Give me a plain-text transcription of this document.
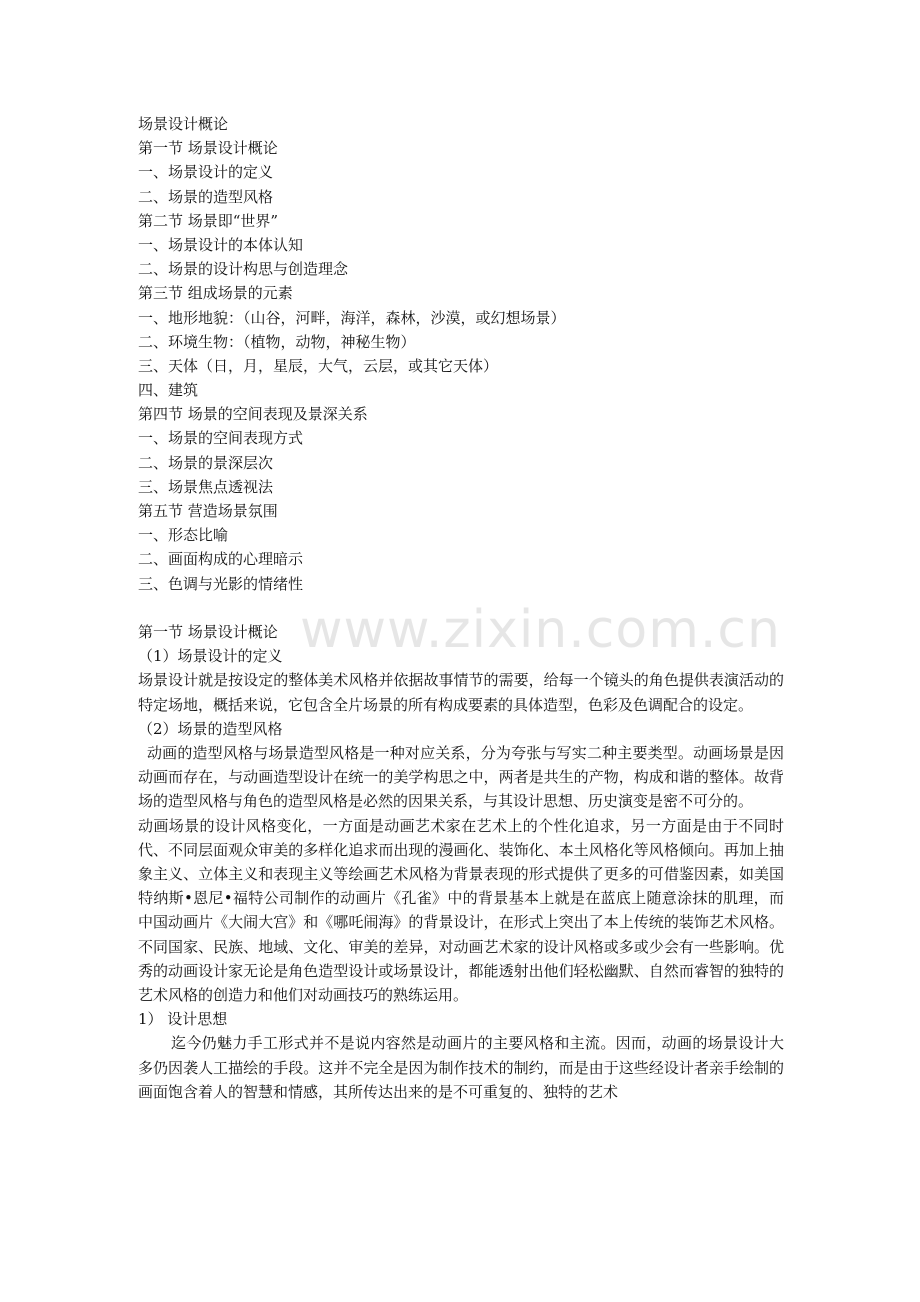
场景设计概论
第一节 场景设计概论
一、场景设计的定义
二、场景的造型风格
第二节 场景即“世界”
一、场景设计的本体认知
二、场景的设计构思与创造理念
第三节 组成场景的元素
一、地形地貌：（山谷，河畔，海洋，森林，沙漠，或幻想场景）
二、环境生物：（植物，动物，神秘生物）
三、天体（日，月，星辰，大气，云层，或其它天体）
四、建筑
第四节 场景的空间表现及景深关系
一、场景的空间表现方式
二、场景的景深层次
三、场景焦点透视法
第五节 营造场景氛围
一、形态比喻
二、画面构成的心理暗示
三、色调与光影的情绪性
第一节 场景设计概论
（1）场景设计的定义
场景设计就是按设定的整体美术风格并依据故事情节的需要，给每一个镜头的角色提供表演活动的特定场地，概括来说，它包含全片场景的所有构成要素的具体造型，色彩及色调配合的设定。
（2）场景的造型风格
动画的造型风格与场景造型风格是一种对应关系，分为夸张与写实二种主要类型。动画场景是因动画而存在，与动画造型设计在统一的美学构思之中，两者是共生的产物，构成和谐的整体。故背场的造型风格与角色的造型风格是必然的因果关系，与其设计思想、历史演变是密不可分的。
动画场景的设计风格变化，一方面是动画艺术家在艺术上的个性化追求，另一方面是由于不同时代、不同层面观众审美的多样化追求而出现的漫画化、装饰化、本土风格化等风格倾向。再加上抽象主义、立体主义和表现主义等绘画艺术风格为背景表现的形式提供了更多的可借鉴因素，如美国特纳斯•恩尼•福特公司制作的动画片《孔雀》中的背景基本上就是在蓝底上随意涂抹的肌理，而中国动画片《大闹大宫》和《哪吒闹海》的背景设计，在形式上突出了本上传统的装饰艺术风格。不同国家、民族、地域、文化、审美的差异，对动画艺术家的设计风格或多或少会有一些影响。优秀的动画设计家无论是角色造型设计或场景设计，都能透射出他们轻松幽默、自然而睿智的独特的艺术风格的创造力和他们对动画技巧的熟练运用。
1） 设计思想
迄今仍魅力手工形式并不是说内容然是动画片的主要风格和主流。因而，动画的场景设计大多仍因袭人工描绘的手段。这并不完全是因为制作技术的制约，而是由于这些经设计者亲手绘制的画面饱含着人的智慧和情感，其所传达出来的是不可重复的、独特的艺术
www.zixin.com.cn
